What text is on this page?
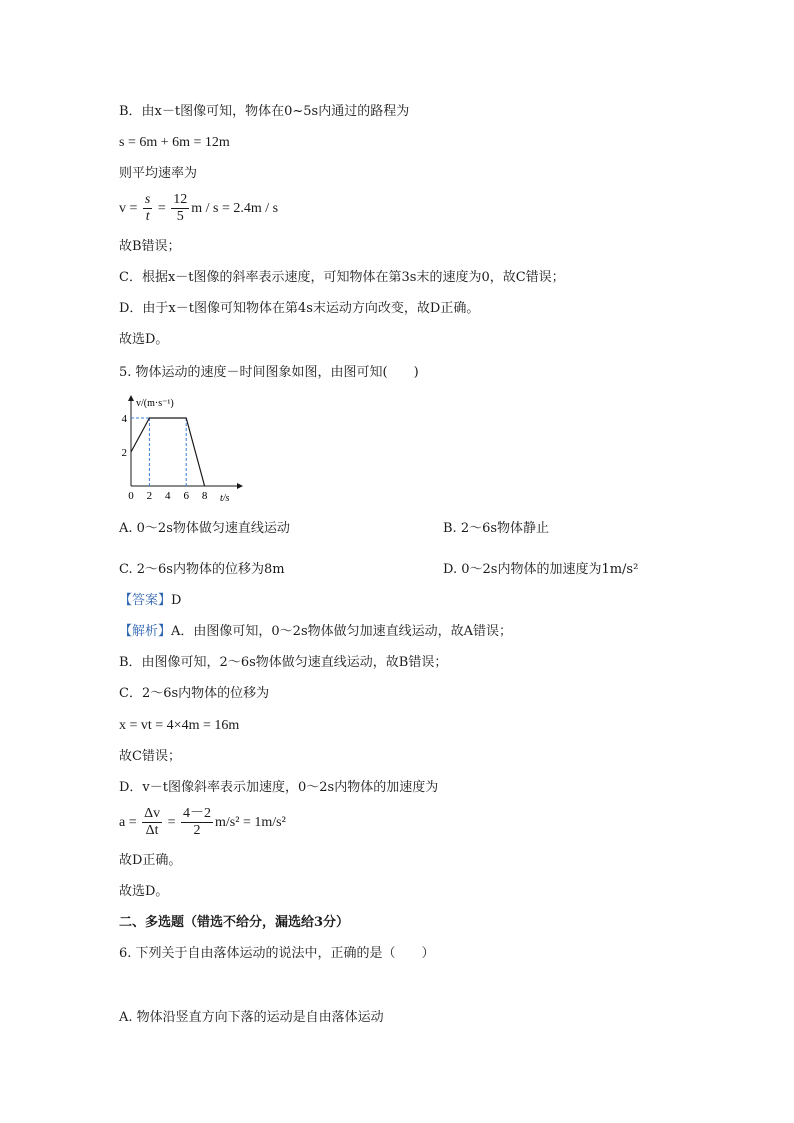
B．由x－t图像可知，物体在0~5s内通过的路程为
s = 6m + 6m = 12m
则平均速率为
$v = \frac{s}{t} = \frac{12}{5}$ m / s = 2.4m / s
故B错误；
C．根据x－t图像的斜率表示速度，可知物体在第3s末的速度为0，故C错误；
D．由于x－t图像可知物体在第4s末运动方向改变，故D正确。
故选D。
5. 物体运动的速度－时间图象如图，由图可知(　　)
0 2 4 6 8
2
4
v/(m·s⁻¹)
t/s
A. 0～2s物体做匀速直线运动	B. 2～6s物体静止
C. 2～6s内物体的位移为8m	D. 0～2s内物体的加速度为1m/s²
【答案】D
【解析】A．由图像可知，0～2s物体做匀加速直线运动，故A错误；
B．由图像可知，2～6s物体做匀速直线运动，故B错误；
C．2～6s内物体的位移为
x = vt = 4×4m = 16m
故C错误；
D．v－t图像斜率表示加速度，0～2s内物体的加速度为
$a = \frac{\Delta v}{\Delta t} = \frac{4-2}{2} m/s^2 = 1m/s^2$
故D正确。
故选D。
二、多选题（错选不给分，漏选给3分）
6. 下列关于自由落体运动的说法中，正确的是（　　）
A. 物体沿竖直方向下落的运动是自由落体运动
